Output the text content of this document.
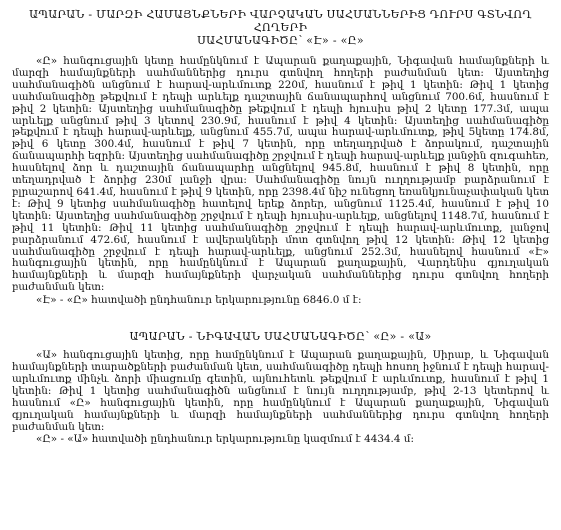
ԱՊԱՐԱՆ - ՄԱՐԶԻ ՀԱՄԱՅՆՔՆԵՐԻ ՎԱՐՉԱԿԱՆ ՍԱՀՄԱՆՆԵՐԻՑ ԴՈՒՐՍ ԳՏՆՎՈՂ ՀՈՂԵՐԻ
ՍԱՀՄԱՆԱԳԻԾԸ՝ «Է» - «Ը»

«Ը» հանգուցային կետը համընկնում է Ապարան քաղաքային, Նիգավան համայնքների և մարզի համայնքների սահմաններից դուրս գտնվող հողերի բաժանման կետ: Այստեղից սահմանագիծն անցնում է հարավ-արևմուտք 220մ, հասնում է թիվ 1 կետին: Թիվ 1 կետից սահմանագիծը թեքվում է դեպի արևելք դաշտային ճանապարհով անցնում 700.6մ, հասնում է թիվ 2 կետին: Այստեղից սահմանագիծը թեքվում է դեպի հյուսիս թիվ 2 կետը 177.3մ, ապա արևելք անցնում թիվ 3 կետով 230.9մ, հասնում է թիվ 4 կետին: Այստեղից սահմանագիծը թեքվում է դեպի հարավ-արևելք, անցնում 455.7մ, ապա հարավ-արևմուտք, թիվ 5կետը 174.8մ, թիվ 6 կետը 300.4մ, հասնում է թիվ 7 կետին, որը տեղադրված է ձորակում, դաշտային ճանապարհի եզրին: Այստեղից սահմանագիծը շրջվում է դեպի հարավ-արևելք լանջին զուգահեռ, հասնելով ձոր և դաշտային ճանապարհը անցնելով 945.8մ, հասնում է թիվ 8 կետին, որը տեղադրված է ձորից 230մ լանջի վրա: Սահմանագիծը նույն ուղղությամբ բարձրանում է բլրաշարով 641.4մ, հասնում է թիվ 9 կետին, որը 2398.4մ նիշ ունեցող եռանկյունաչափական կետ է: Թիվ 9 կետից սահմանագիծը հատելով երեք ձորեր, անցնում 1125.4մ, հասնում է թիվ 10 կետին: Այստեղից սահմանագիծը շրջվում է դեպի հյուսիս-արևելք, անցնելով 1148.7մ, հասնում է թիվ 11 կետին: Թիվ 11 կետից սահմանագիծը շրջվում է դեպի հարավ-արևմուտք, լանջով բարձրանում 472.6մ, հասնում է ավերակների մոտ գտնվող թիվ 12 կետին: Թիվ 12 կետից սահմանագիծը շրջվում է դեպի հարավ-արևելք, անցնում 252.3մ, հասնելով հասնում «Է» հանգուցային կետին, որը համընկնում է Ապարան քաղաքային, Վարդենիս գյուղական համայնքների և մարզի համայնքների վարչական սահմաններից դուրս գտնվող հողերի բաժանման կետ:

«Է» - «Ը» հատվածի ընդհանուր երկարությունը 6846.0 մ է:

ԱՊԱՐԱՆ - ՆԻԳԱՎԱՆ ՍԱՀՄԱՆԱԳԻԾԸ՝ «Ը» - «Ա»

«Ա» հանգուցային կետից, որը համընկնում է Ապարան քաղաքային, Սիրաբ, և Նիգավան համայնքների տարածքների բաժանման կետ, սահմանագիծը դեպի հոսող իջնում է դեպի հարավ-արևմուտք մինչև ձորի միացումը գետին, այնուհետև թեքվում է արևմուտք, հասնում է թիվ 1 կետին: Թիվ 1 կետից սահմանագիծն անցնում է նույն ուղղությամբ, թիվ 2-13 կետերով և հասնում «Ը» հանգուցային կետին, որը համընկնում է Ապարան քաղաքային, Նիգավան գյուղական համայնքների և մարզի համայնքների սահմաններից դուրս գտնվող հողերի բաժանման կետ:

«Ը» - «Ա» հատվածի ընդհանուր երկարությունը կազմում է 4434.4 մ:
